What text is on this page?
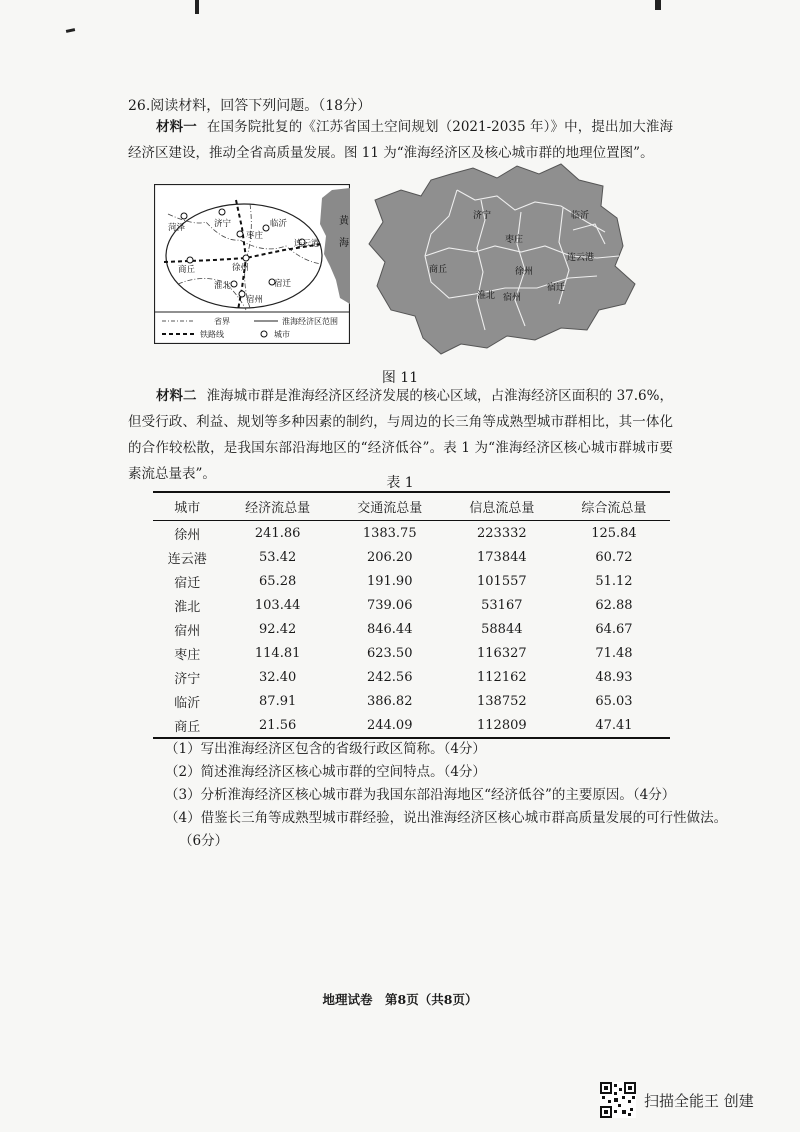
26.阅读材料，回答下列问题。（18分）
材料一 在国务院批复的《江苏省国土空间规划（2021-2035 年）》中，提出加大淮海经济区建设，推动全省高质量发展。图 11 为“淮海经济区及核心城市群的地理位置图”。
黄
海
菏泽	济宁	临沂
枣庄
连云港
徐州
商丘
淮北	宿迁
宿州
省界	淮海经济区范围
铁路线	城市
济宁	临沂
枣庄
连云港
商丘	徐州
宿迁
淮北 宿州
图 11
材料二 淮海城市群是淮海经济区经济发展的核心区域，占淮海经济区面积的 37.6%，但受行政、利益、规划等多种因素的制约，与周边的长三角等成熟型城市群相比，其一体化的合作较松散，是我国东部沿海地区的“经济低谷”。表 1 为“淮海经济区核心城市群城市要素流总量表”。
表 1
城市	经济流总量	交通流总量	信息流总量	综合流总量
徐州	241.86	1383.75	223332	125.84
连云港	53.42	206.20	173844	60.72
宿迁	65.28	191.90	101557	51.12
淮北	103.44	739.06	53167	62.88
宿州	92.42	846.44	58844	64.67
枣庄	114.81	623.50	116327	71.48
济宁	32.40	242.56	112162	48.93
临沂	87.91	386.82	138752	65.03
商丘	21.56	244.09	112809	47.41
（1）写出淮海经济区包含的省级行政区简称。（4分）
（2）简述淮海经济区核心城市群的空间特点。（4分）
（3）分析淮海经济区核心城市群为我国东部沿海地区“经济低谷”的主要原因。（4分）
（4）借鉴长三角等成熟型城市群经验，说出淮海经济区核心城市群高质量发展的可行性做法。
（6分）
地理试卷　第8页（共8页）
扫描全能王 创建
